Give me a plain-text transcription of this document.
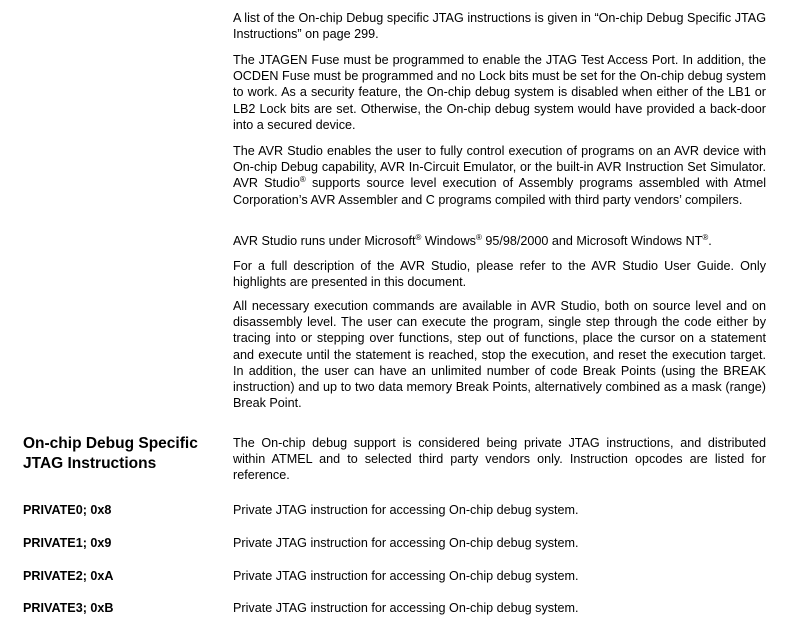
A list of the On-chip Debug specific JTAG instructions is given in “On-chip Debug Specific JTAG Instructions” on page 299.

The JTAGEN Fuse must be programmed to enable the JTAG Test Access Port. In addition, the OCDEN Fuse must be programmed and no Lock bits must be set for the On-chip debug system to work. As a security feature, the On-chip debug system is disabled when either of the LB1 or LB2 Lock bits are set. Otherwise, the On-chip debug system would have provided a back-door into a secured device.

The AVR Studio enables the user to fully control execution of programs on an AVR device with On-chip Debug capability, AVR In-Circuit Emulator, or the built-in AVR Instruction Set Simulator. AVR Studio® supports source level execution of Assembly programs assembled with Atmel Corporation’s AVR Assembler and C programs compiled with third party vendors’ compilers.

AVR Studio runs under Microsoft® Windows® 95/98/2000 and Microsoft Windows NT®.

For a full description of the AVR Studio, please refer to the AVR Studio User Guide. Only highlights are presented in this document.

All necessary execution commands are available in AVR Studio, both on source level and on disassembly level. The user can execute the program, single step through the code either by tracing into or stepping over functions, step out of functions, place the cursor on a statement and execute until the statement is reached, stop the execution, and reset the execution target. In addition, the user can have an unlimited number of code Break Points (using the BREAK instruction) and up to two data memory Break Points, alternatively combined as a mask (range) Break Point.

On-chip Debug Specific JTAG Instructions

The On-chip debug support is considered being private JTAG instructions, and distributed within ATMEL and to selected third party vendors only. Instruction opcodes are listed for reference.

PRIVATE0; 0x8	Private JTAG instruction for accessing On-chip debug system.
PRIVATE1; 0x9	Private JTAG instruction for accessing On-chip debug system.
PRIVATE2; 0xA	Private JTAG instruction for accessing On-chip debug system.
PRIVATE3; 0xB	Private JTAG instruction for accessing On-chip debug system.
